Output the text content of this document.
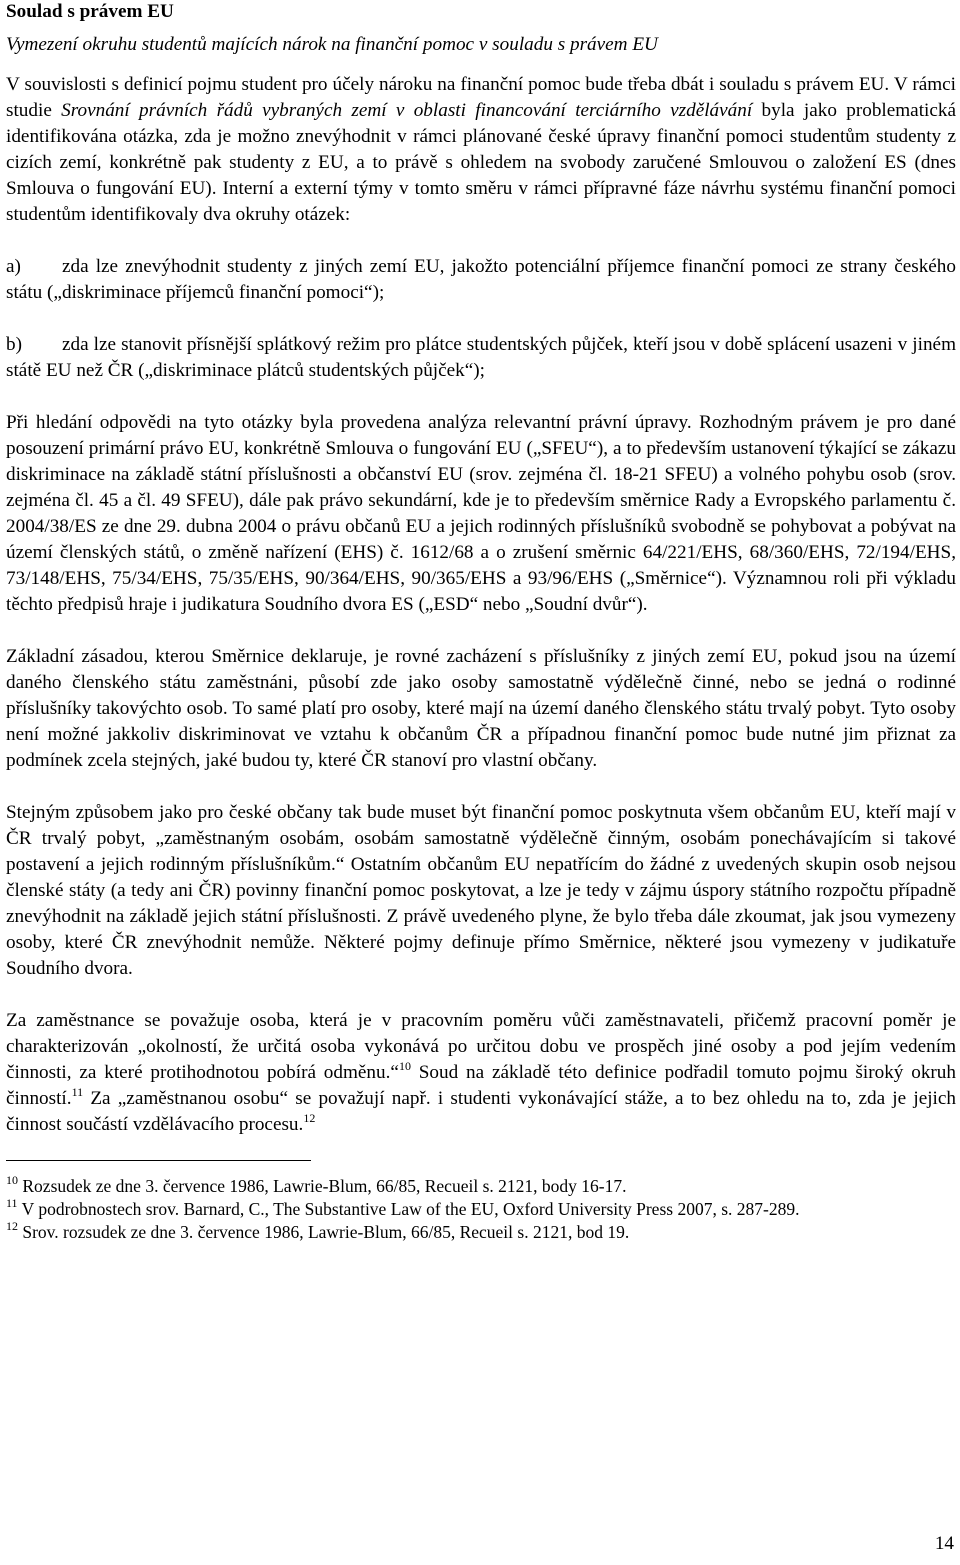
Soulad s právem EU
Vymezení okruhu studentů majících nárok na finanční pomoc v souladu s právem EU

V souvislosti s definicí pojmu student pro účely nároku na finanční pomoc bude třeba dbát i souladu s právem EU. V rámci studie Srovnání právních řádů vybraných zemí v oblasti financování terciárního vzdělávání byla jako problematická identifikována otázka, zda je možno znevýhodnit v rámci plánované české úpravy finanční pomoci studentům studenty z cizích zemí, konkrétně pak studenty z EU, a to právě s ohledem na svobody zaručené Smlouvou o založení ES (dnes Smlouva o fungování EU). Interní a externí týmy v tomto směru v rámci přípravné fáze návrhu systému finanční pomoci studentům identifikovaly dva okruhy otázek:

a) zda lze znevýhodnit studenty z jiných zemí EU, jakožto potenciální příjemce finanční pomoci ze strany českého státu („diskriminace příjemců finanční pomoci“);
b) zda lze stanovit přísnější splátkový režim pro plátce studentských půjček, kteří jsou v době splácení usazeni v jiném státě EU než ČR („diskriminace plátců studentských půjček“);

Při hledání odpovědi na tyto otázky byla provedena analýza relevantní právní úpravy. Rozhodným právem je pro dané posouzení primární právo EU, konkrétně Smlouva o fungování EU („SFEU“), a to především ustanovení týkající se zákazu diskriminace na základě státní příslušnosti a občanství EU (srov. zejména čl. 18-21 SFEU) a volného pohybu osob (srov. zejména čl. 45 a čl. 49 SFEU), dále pak právo sekundární, kde je to především směrnice Rady a Evropského parlamentu č. 2004/38/ES ze dne 29. dubna 2004 o právu občanů EU a jejich rodinných příslušníků svobodně se pohybovat a pobývat na území členských států, o změně nařízení (EHS) č. 1612/68 a o zrušení směrnic 64/221/EHS, 68/360/EHS, 72/194/EHS, 73/148/EHS, 75/34/EHS, 75/35/EHS, 90/364/EHS, 90/365/EHS a 93/96/EHS („Směrnice“). Významnou roli při výkladu těchto předpisů hraje i judikatura Soudního dvora ES („ESD“ nebo „Soudní dvůr“).

Základní zásadou, kterou Směrnice deklaruje, je rovné zacházení s příslušníky z jiných zemí EU, pokud jsou na území daného členského státu zaměstnáni, působí zde jako osoby samostatně výdělečně činné, nebo se jedná o rodinné příslušníky takovýchto osob. To samé platí pro osoby, které mají na území daného členského státu trvalý pobyt. Tyto osoby není možné jakkoliv diskriminovat ve vztahu k občanům ČR a případnou finanční pomoc bude nutné jim přiznat za podmínek zcela stejných, jaké budou ty, které ČR stanoví pro vlastní občany.

Stejným způsobem jako pro české občany tak bude muset být finanční pomoc poskytnuta všem občanům EU, kteří mají v ČR trvalý pobyt, „zaměstnaným osobám, osobám samostatně výdělečně činným, osobám ponechávajícím si takové postavení a jejich rodinným příslušníkům.“ Ostatním občanům EU nepatřícím do žádné z uvedených skupin osob nejsou členské státy (a tedy ani ČR) povinny finanční pomoc poskytovat, a lze je tedy v zájmu úspory státního rozpočtu případně znevýhodnit na základě jejich státní příslušnosti. Z právě uvedeného plyne, že bylo třeba dále zkoumat, jak jsou vymezeny osoby, které ČR znevýhodnit nemůže. Některé pojmy definuje přímo Směrnice, některé jsou vymezeny v judikatuře Soudního dvora.

Za zaměstnance se považuje osoba, která je v pracovním poměru vůči zaměstnavateli, přičemž pracovní poměr je charakterizován „okolností, že určitá osoba vykonává po určitou dobu ve prospěch jiné osoby a pod jejím vedením činnosti, za které protihodnotou pobírá odměnu.“$^{10}$ Soud na základě této definice podřadil tomuto pojmu široký okruh činností.$^{11}$ Za „zaměstnanou osobu“ se považují např. i studenti vykonávající stáže, a to bez ohledu na to, zda je jejich činnost součástí vzdělávacího procesu.$^{12}$

$^{10}$ Rozsudek ze dne 3. července 1986, Lawrie-Blum, 66/85, Recueil s. 2121, body 16-17.
$^{11}$ V podrobnostech srov. Barnard, C., The Substantive Law of the EU, Oxford University Press 2007, s. 287-289.
$^{12}$ Srov. rozsudek ze dne 3. července 1986, Lawrie-Blum, 66/85, Recueil s. 2121, bod 19.
14
